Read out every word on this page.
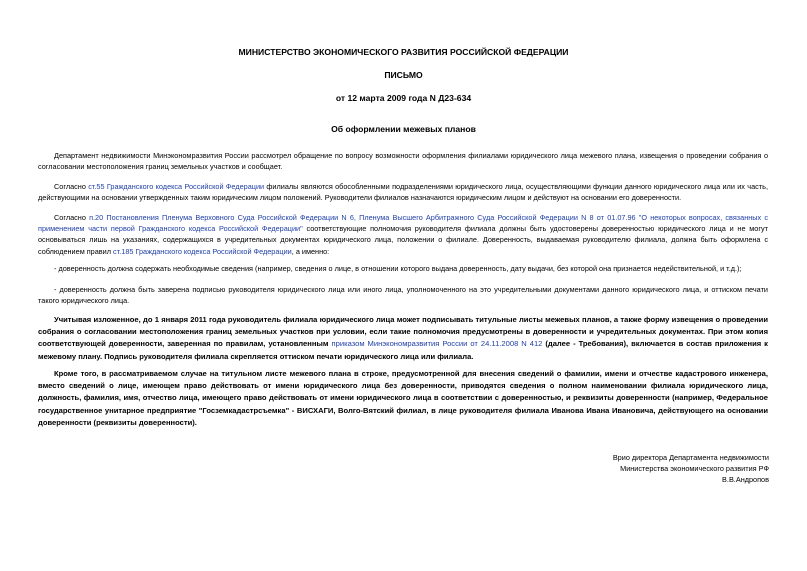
МИНИСТЕРСТВО ЭКОНОМИЧЕСКОГО РАЗВИТИЯ РОССИЙСКОЙ ФЕДЕРАЦИИ
ПИСЬМО
от 12 марта 2009 года N Д23-634
Об оформлении межевых планов

Департамент недвижимости Минэкономразвития России рассмотрел обращение по вопросу возможности оформления филиалами юридического лица межевого плана, извещения о проведении собрания о согласовании местоположения границ земельных участков и сообщает.

Согласно ст.55 Гражданского кодекса Российской Федерации филиалы являются обособленными подразделениями юридического лица, осуществляющими функции данного юридического лица или их часть, действующими на основании утвержденных таким юридическим лицом положений. Руководители филиалов назначаются юридическим лицом и действуют на основании его доверенности.

Согласно п.20 Постановления Пленума Верховного Суда Российской Федерации N 6, Пленума Высшего Арбитражного Суда Российской Федерации N 8 от 01.07.96 "О некоторых вопросах, связанных с применением части первой Гражданского кодекса Российской Федерации" соответствующие полномочия руководителя филиала должны быть удостоверены доверенностью юридического лица и не могут основываться лишь на указаниях, содержащихся в учредительных документах юридического лица, положении о филиале. Доверенность, выдаваемая руководителю филиала, должна быть оформлена с соблюдением правил ст.185 Гражданского кодекса Российской Федерации, а именно:

- доверенность должна содержать необходимые сведения (например, сведения о лице, в отношении которого выдана доверенность, дату выдачи, без которой она признается недействительной, и т.д.);

- доверенность должна быть заверена подписью руководителя юридического лица или иного лица, уполномоченного на это учредительными документами данного юридического лица, и оттиском печати такого юридического лица.

Учитывая изложенное, до 1 января 2011 года руководитель филиала юридического лица может подписывать титульные листы межевых планов, а также форму извещения о проведении собрания о согласовании местоположения границ земельных участков при условии, если такие полномочия предусмотрены в доверенности и учредительных документах. При этом копия соответствующей доверенности, заверенная по правилам, установленным приказом Минэкономразвития России от 24.11.2008 N 412 (далее - Требования), включается в состав приложения к межевому плану. Подпись руководителя филиала скрепляется оттиском печати юридического лица или филиала.

Кроме того, в рассматриваемом случае на титульном листе межевого плана в строке, предусмотренной для внесения сведений о фамилии, имени и отчестве кадастрового инженера, вместо сведений о лице, имеющем право действовать от имени юридического лица без доверенности, приводятся сведения о полном наименовании филиала юридического лица, должность, фамилия, имя, отчество лица, имеющего право действовать от имени юридического лица в соответствии с доверенностью, и реквизиты доверенности (например, Федеральное государственное унитарное предприятие "Госземкадастрсъемка" - ВИСХАГИ, Волго-Вятский филиал, в лице руководителя филиала Иванова Ивана Ивановича, действующего на основании доверенности (реквизиты доверенности).

Врио директора Департамента недвижимости
Министерства экономического развития РФ
В.В.Андропов
